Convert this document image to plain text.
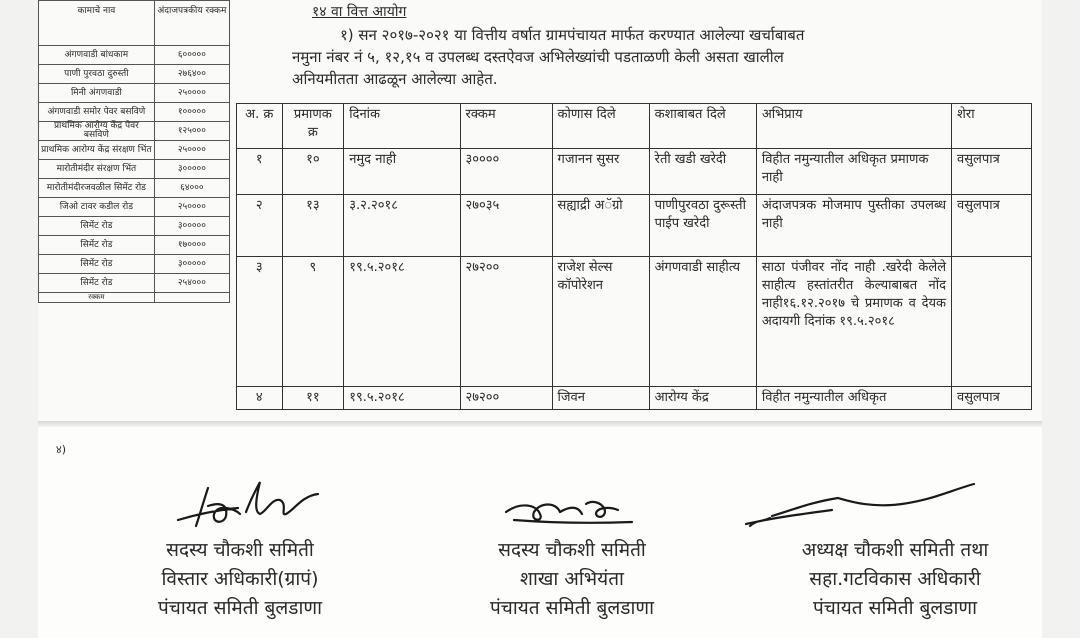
कामाचे नाव	अंदाजपत्रकीय रक्कम
अंगणवाडी बांधकाम	६०००००
पाणी पुरवठा दुरुस्ती	२७६४००
मिनी अंगणवाडी	२५००००
अंगणवाडी समोर पेवर बसविणे	१०००००
प्राथमिक आरोग्य केंद्र पेवर बसविणे	१२५०००
प्राथमिक आरोग्य केंद्र संरक्षण भिंत	२५००००
मारोतीमंदीर संरक्षण भिंत	३०००००
मारोतीमंदीरजवळील सिमेंट रोड	६४०००
जिओ टावर कडील रोड	२५००००
सिमेंट रोड	३०००००
सिमेंट रोड	१७००००
सिमेंट रोड	३०००००
सिमेंट रोड	२५४०००
रक्कम	
१४ वा वित्त आयोग

१) सन २०१७-२०२१ या वित्तीय वर्षात ग्रामपंचायत मार्फत करण्यात आलेल्या खर्चाबाबत

नमुना नंबर नं ५, १२,१५ व उपलब्ध दस्तऐवज अभिलेख्यांची पडताळणी केली असता खालील

अनियमीतता आढळून आलेल्या आहेत.

अ. क्र	प्रमाणक क्र	दिनांक	रक्कम	कोणास दिले	कशाबाबत दिले	अभिप्राय	शेरा
१	१०	नमुद नाही	३००००	गजानन सुसर	रेती खडी खरेदी	विहीत नमुन्यातील अधिकृत प्रमाणक नाही	वसुलपात्र
२	१३	३.२.२०१८	२७०३५	सह्याद्री अॅग्रो	पाणीपुरवठा दुरूस्ती पाईप खरेदी	अंदाजपत्रक मोजमाप पुस्तीका उपलब्ध नाही	वसुलपात्र
३	९	१९.५.२०१८	२७२००	राजेश सेल्स कॉपोरेशन	अंगणवाडी साहीत्य	साठा पंजीवर नोंद नाही .खरेदी केलेले साहीत्य हस्तांतरीत केल्याबाबत नोंद नाही१६.१२.२०१७ चे प्रमाणक व देयक अदायगी दिनांक १९.५.२०१८	
४	११	१९.५.२०१८	२७२००	जिवन	आरोग्य केंद्र	विहीत नमुन्यातील अधिकृत	वसुलपात्र
४)
सदस्य चौकशी समिती
विस्तार अधिकारी(ग्रापं)
पंचायत समिती बुलडाणा
सदस्य चौकशी समिती
शाखा अभियंता
पंचायत समिती बुलडाणा
अध्यक्ष चौकशी समिती तथा
सहा.गटविकास अधिकारी
पंचायत समिती बुलडाणा
